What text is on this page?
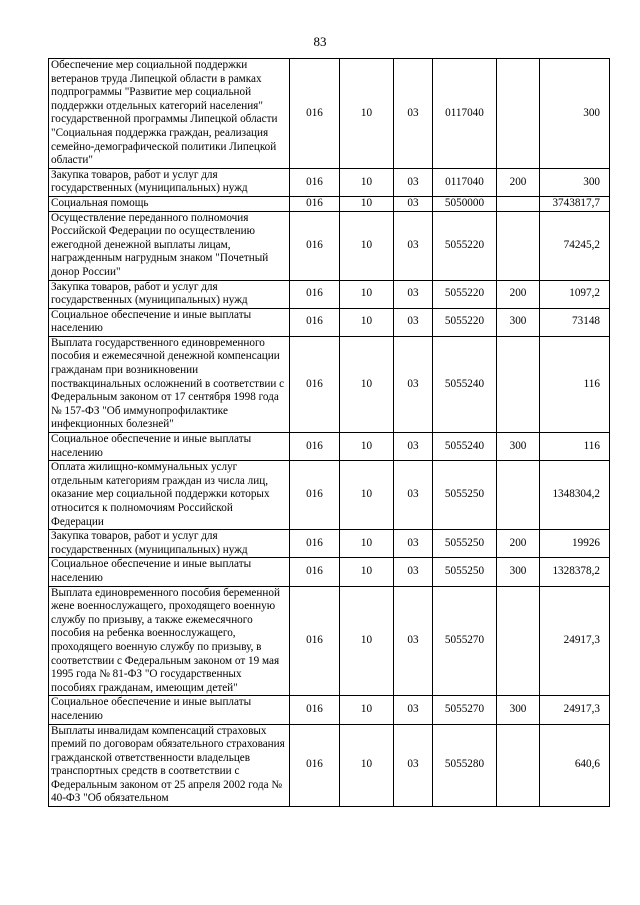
83
Обеспечение мер социальной поддержки ветеранов труда Липецкой области в рамках подпрограммы "Развитие мер социальной поддержки отдельных категорий населения" государственной программы Липецкой области "Социальная поддержка граждан, реализация семейно-демографической политики Липецкой области"	016	10	03	0117040		300
Закупка товаров, работ и услуг для государственных (муниципальных) нужд	016	10	03	0117040	200	300
Социальная помощь	016	10	03	5050000		3743817,7
Осуществление переданного полномочия Российской Федерации по осуществлению ежегодной денежной выплаты лицам, награжденным нагрудным знаком "Почетный донор России"	016	10	03	5055220		74245,2
Закупка товаров, работ и услуг для государственных (муниципальных) нужд	016	10	03	5055220	200	1097,2
Социальное обеспечение и иные выплаты населению	016	10	03	5055220	300	73148
Выплата государственного единовременного пособия и ежемесячной денежной компенсации гражданам при возникновении поствакцинальных осложнений в соответствии с Федеральным законом от 17 сентября 1998 года № 157-ФЗ "Об иммунопрофилактике инфекционных болезней"	016	10	03	5055240		116
Социальное обеспечение и иные выплаты населению	016	10	03	5055240	300	116
Оплата жилищно-коммунальных услуг отдельным категориям граждан из числа лиц, оказание мер социальной поддержки которых относится к полномочиям Российской Федерации	016	10	03	5055250		1348304,2
Закупка товаров, работ и услуг для государственных (муниципальных) нужд	016	10	03	5055250	200	19926
Социальное обеспечение и иные выплаты населению	016	10	03	5055250	300	1328378,2
Выплата единовременного пособия беременной жене военнослужащего, проходящего военную службу по призыву, а также ежемесячного пособия на ребенка военнослужащего, проходящего военную службу по призыву, в соответствии с Федеральным законом от 19 мая 1995 года № 81-ФЗ "О государственных пособиях гражданам, имеющим детей"	016	10	03	5055270		24917,3
Социальное обеспечение и иные выплаты населению	016	10	03	5055270	300	24917,3
Выплаты инвалидам компенсаций страховых премий по договорам обязательного страхования гражданской ответственности владельцев транспортных средств в соответствии с Федеральным законом от 25 апреля 2002 года № 40-ФЗ "Об обязательном	016	10	03	5055280		640,6
